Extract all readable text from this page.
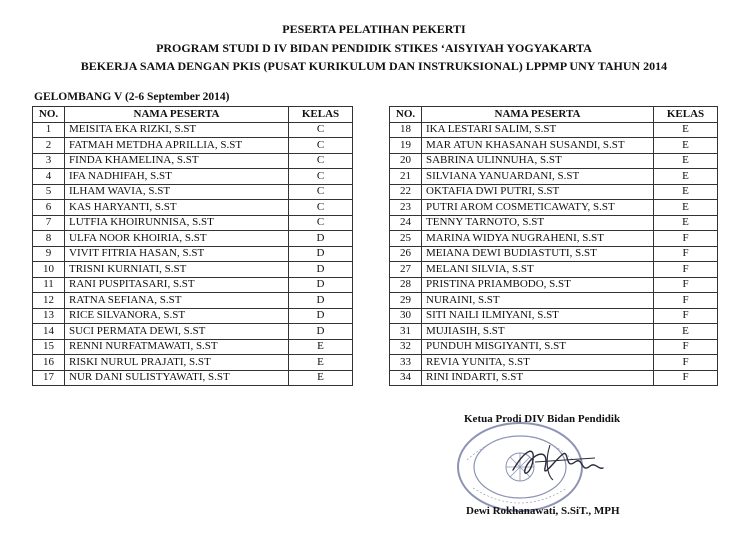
PESERTA PELATIHAN PEKERTI
PROGRAM STUDI D IV BIDAN PENDIDIK STIKES ‘AISYIYAH YOGYAKARTA
BEKERJA SAMA DENGAN PKIS (PUSAT KURIKULUM DAN INSTRUKSIONAL) LPPMP UNY TAHUN 2014
GELOMBANG V (2-6 September 2014)
NO.	NAMA PESERTA	KELAS
1	MEISITA EKA RIZKI, S.ST	C
2	FATMAH METDHA APRILLIA, S.ST	C
3	FINDA KHAMELINA, S.ST	C
4	IFA NADHIFAH, S.ST	C
5	ILHAM WAVIA, S.ST	C
6	KAS HARYANTI, S.ST	C
7	LUTFIA KHOIRUNNISA, S.ST	C
8	ULFA NOOR KHOIRIA, S.ST	D
9	VIVIT FITRIA HASAN, S.ST	D
10	TRISNI KURNIATI, S.ST	D
11	RANI PUSPITASARI, S.ST	D
12	RATNA SEFIANA, S.ST	D
13	RICE SILVANORA, S.ST	D
14	SUCI PERMATA DEWI, S.ST	D
15	RENNI NURFATMAWATI, S.ST	E
16	RISKI NURUL PRAJATI, S.ST	E
17	NUR DANI SULISTYAWATI, S.ST	E
NO.	NAMA PESERTA	KELAS
18	IKA LESTARI SALIM, S.ST	E
19	MAR ATUN KHASANAH SUSANDI, S.ST	E
20	SABRINA ULINNUHA, S.ST	E
21	SILVIANA YANUARDANI, S.ST	E
22	OKTAFIA DWI PUTRI, S.ST	E
23	PUTRI AROM COSMETICAWATY, S.ST	E
24	TENNY TARNOTO, S.ST	E
25	MARINA WIDYA NUGRAHENI, S.ST	F
26	MEIANA DEWI BUDIASTUTI, S.ST	F
27	MELANI SILVIA, S.ST	F
28	PRISTINA PRIAMBODO, S.ST	F
29	NURAINI, S.ST	F
30	SITI NAILI ILMIYANI, S.ST	F
31	MUJIASIH, S.ST	E
32	PUNDUH MISGIYANTI, S.ST	F
33	REVIA YUNITA, S.ST	F
34	RINI INDARTI, S.ST	F
Ketua Prodi DIV Bidan Pendidik
Dewi Rokhanawati, S.SiT., MPH
